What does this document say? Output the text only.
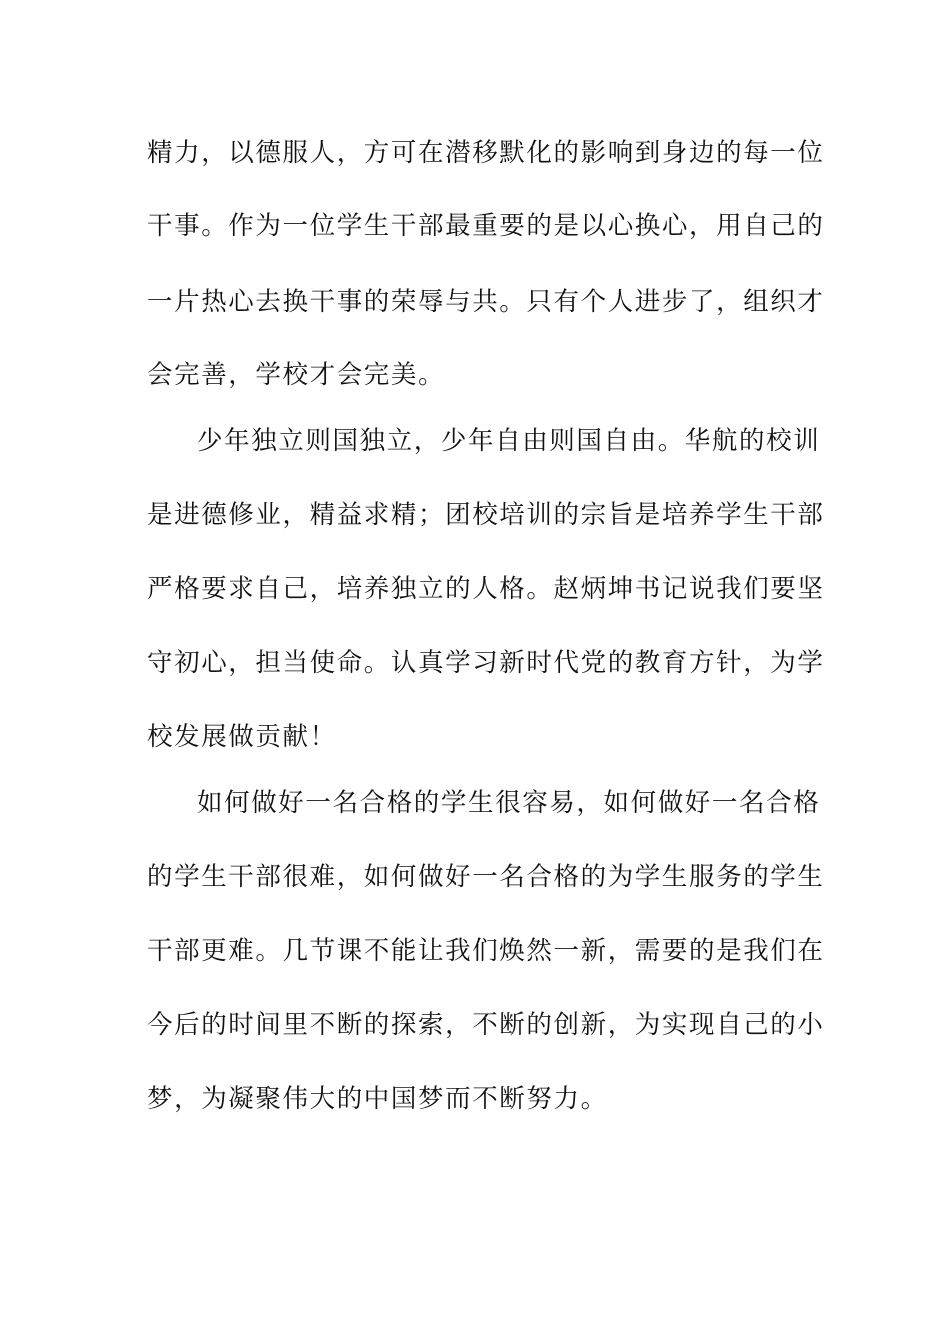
精力，以德服人，方可在潜移默化的影响到身边的每一位
干事。作为一位学生干部最重要的是以心换心，用自己的
一片热心去换干事的荣辱与共。只有个人进步了，组织才
会完善，学校才会完美。
少年独立则国独立，少年自由则国自由。华航的校训
是进德修业，精益求精；团校培训的宗旨是培养学生干部
严格要求自己，培养独立的人格。赵炳坤书记说我们要坚
守初心，担当使命。认真学习新时代党的教育方针，为学
校发展做贡献！
如何做好一名合格的学生很容易，如何做好一名合格
的学生干部很难，如何做好一名合格的为学生服务的学生
干部更难。几节课不能让我们焕然一新，需要的是我们在
今后的时间里不断的探索，不断的创新，为实现自己的小
梦，为凝聚伟大的中国梦而不断努力。
